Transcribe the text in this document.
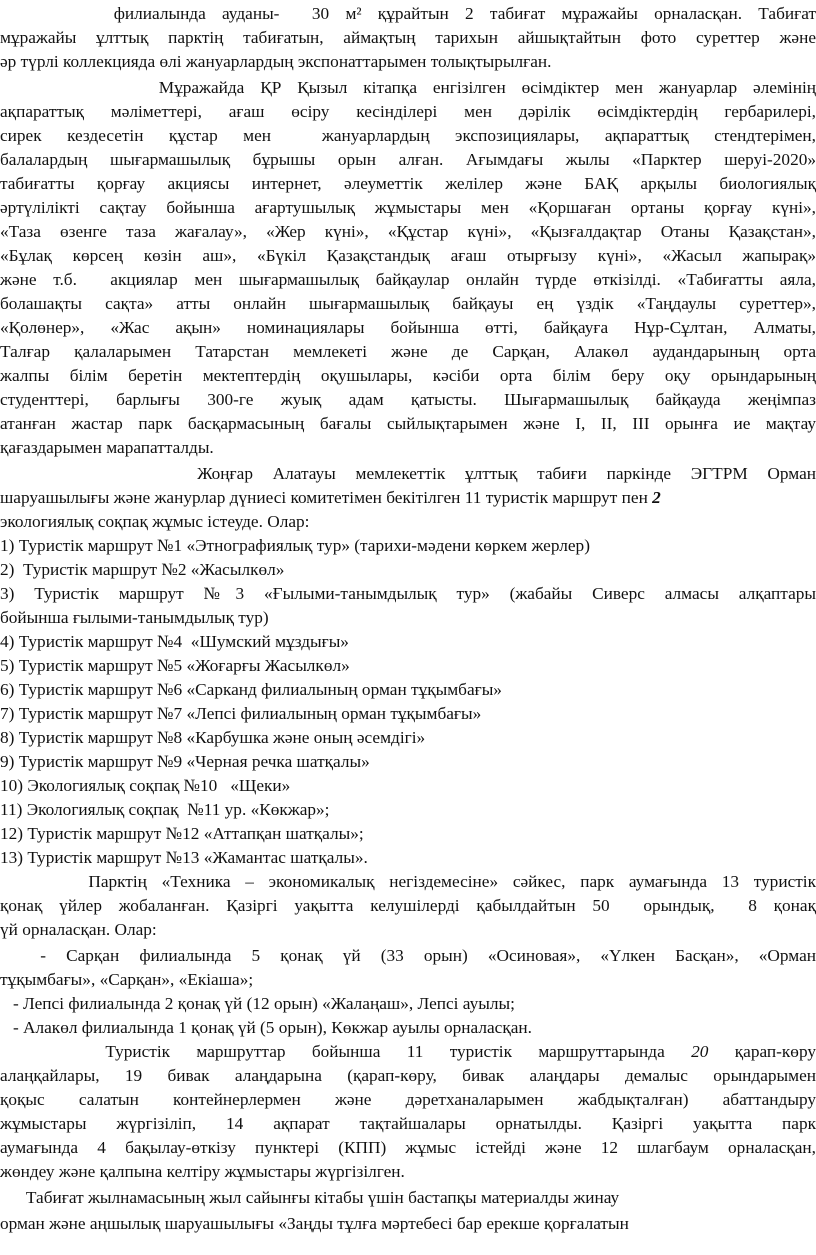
филиалында ауданы-  30 м² құрайтын 2 табиғат мұражайы орналасқан. Табиғат
мұражайы ұлттық парктің табиғатын, аймақтың тарихын айшықтайтын фото суреттер және
әр түрлі коллекцияда өлі жануарлардың экспонаттарымен толықтырылған.
Мұражайда ҚР Қызыл кітапқа енгізілген өсімдіктер мен жануарлар әлемінің
ақпараттық мәліметтері, ағаш өсіру кесінділері мен дәрілік өсімдіктердің гербарилері,
сирек кездесетін құстар мен  жануарлардың экспозициялары, ақпараттық стендтерімен,
балалардың шығармашылық бұрышы орын алған. Ағымдағы жылы «Парктер шеруі-2020»
табиғатты қорғау акциясы интернет, әлеуметтік желілер және БАҚ арқылы биологиялық
әртүлілікті сақтау бойынша ағартушылық жұмыстары мен «Қоршаған ортаны қорғау күні»,
«Таза өзенге таза жағалау», «Жер күні», «Құстар күні», «Қызғалдақтар Отаны Қазақстан»,
«Бұлақ көрсең көзін аш», «Бүкіл Қазақстандық ағаш отырғызу күні», «Жасыл жапырақ»
және т.б.  акциялар мен шығармашылық байқаулар онлайн түрде өткізілді. «Табиғатты аяла,
болашақты сақта» атты онлайн шығармашылық байқауы ең үздік «Таңдаулы суреттер»,
«Қолөнер», «Жас ақын» номинациялары бойынша өтті, байқауға Нұр-Сұлтан, Алматы,
Талғар қалаларымен Татарстан мемлекеті және де Сарқан, Алакөл аудандарының орта
жалпы білім беретін мектептердің оқушылары, кәсіби орта білім беру оқу орындарының
студенттері, барлығы 300-ге жуық адам қатысты. Шығармашылық байқауда жеңімпаз
атанған жастар парк басқармасының бағалы сыйлықтарымен және I, II, III орынға ие мақтау
қағаздарымен марапатталды.
Жоңғар Алатауы мемлекеттік ұлттық табиғи паркінде ЭГТРМ Орман
шаруашылығы және жанурлар дүниесі комитетімен бекітілген 11 туристік маршрут пен 2
экологиялық соқпақ жұмыс істеуде. Олар:
1) Туристік маршрут №1 «Этнографиялық тур» (тарихи-мәдени көркем жерлер)
2)  Туристік маршрут №2 «Жасылкөл»
3) Туристік маршрут №3 «Ғылыми-танымдылық тур» (жабайы Сиверс алмасы алқаптары
бойынша ғылыми-танымдылық тур)
4) Туристік маршрут №4  «Шумский мұздығы»
5) Туристік маршрут №5 «Жоғарғы Жасылкөл»
6) Туристік маршрут №6 «Сарканд филиалының орман тұқымбағы»
7) Туристік маршрут №7 «Лепсі филиалының орман тұқымбағы»
8) Туристік маршрут №8 «Карбушка және оның әсемдігі»
9) Туристік маршрут №9 «Черная речка шатқалы»
10) Экологиялық соқпақ №10   «Щеки»
11) Экологиялық соқпақ  №11 ур. «Көкжар»;
12) Туристік маршрут №12 «Аттапқан шатқалы»;
13) Туристік маршрут №13 «Жамантас шатқалы».
Парктің «Техника – экономикалық негіздемесіне» сәйкес, парк аумағында 13 туристік
қонақ үйлер жобаланған. Қазіргі уақытта келушілерді қабылдайтын 50  орындық,  8 қонақ
үй орналасқан. Олар:
- Сарқан филиалында 5 қонақ үй (33 орын) «Осиновая», «Үлкен Басқан», «Орман
тұқымбағы», «Сарқан», «Екіаша»;
- Лепсі филиалында 2 қонақ үй (12 орын) «Жалаңаш», Лепсі ауылы;
- Алакөл филиалында 1 қонақ үй (5 орын), Көкжар ауылы орналасқан.
Туристік маршруттар бойынша 11 туристік маршруттарында 20 қарап-көру
алаңқайлары, 19 бивак алаңдарына (қарап-көру, бивак алаңдары демалыс орындарымен
қоқыс салатын контейнерлермен және дәретханаларымен жабдықталған) абаттандыру
жұмыстары жүргізіліп, 14 ақпарат тақтайшалары орнатылды. Қазіргі уақытта парк
аумағында 4 бақылау-өткізу пунктері (КПП) жұмыс істейді және 12 шлагбаум орналасқан,
жөндеу және қалпына келтіру жұмыстары жүргізілген.
Табиғат жылнамасының жыл сайынғы кітабы үшін бастапқы материалды жинау
орман және аңшылық шаруашылығы «Заңды тұлға мәртебесі бар ерекше қорғалатын
